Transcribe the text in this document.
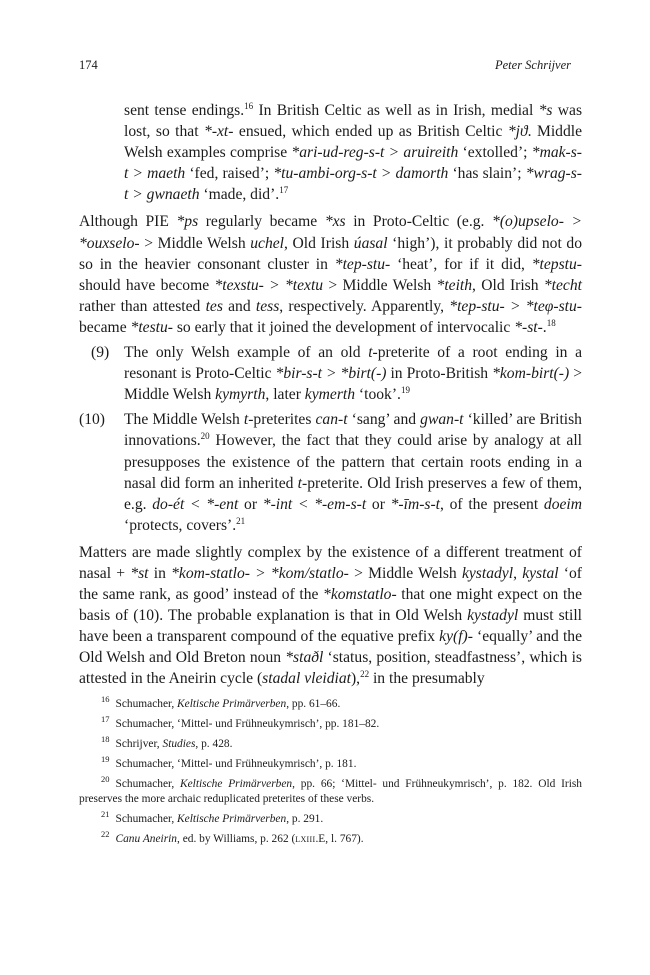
174	Peter Schrijver

sent tense endings.$^{16}$ In British Celtic as well as in Irish, medial *s was lost, so that *-xt- ensued, which ended up as British Celtic *jϑ. Middle Welsh examples comprise *ari-ud-reg-s-t > aruireith ‘extolled’; *mak-s-t > maeth ‘fed, raised’; *tu-ambi-org-s-t > damorth ‘has slain’; *wrag-s-t > gwnaeth ‘made, did’.$^{17}$

Although PIE *ps regularly became *xs in Proto-Celtic (e.g. *(o)upselo- > *ouxselo- > Middle Welsh uchel, Old Irish úasal ‘high’), it probably did not do so in the heavier consonant cluster in *tep-stu- ‘heat’, for if it did, *tepstu- should have become *texstu- > *textu > Middle Welsh *teith, Old Irish *techt rather than attested tes and tess, respectively. Apparently, *tep-stu- > *teφ-stu- became *testu- so early that it joined the development of intervocalic *-st-.$^{18}$

(9) The only Welsh example of an old t-preterite of a root ending in a resonant is Proto-Celtic *bir-s-t > *birt(-) in Proto-British *kom-birt(-) > Middle Welsh kymyrth, later kymerth ‘took’.$^{19}$

(10) The Middle Welsh t-preterites can-t ‘sang’ and gwan-t ‘killed’ are British innovations.$^{20}$ However, the fact that they could arise by analogy at all presupposes the existence of the pattern that certain roots ending in a nasal did form an inherited t-preterite. Old Irish preserves a few of them, e.g. do-ét < *-ent or *-int < *-em-s-t or *-īm-s-t, of the present doeim ‘protects, covers’.$^{21}$

Matters are made slightly complex by the existence of a different treatment of nasal + *st in *kom-statlo- > *kom/statlo- > Middle Welsh kystadyl, kystal ‘of the same rank, as good’ instead of the *komstatlo- that one might expect on the basis of (10). The probable explanation is that in Old Welsh kystadyl must still have been a transparent compound of the equative prefix ky(f)- ‘equally’ and the Old Welsh and Old Breton noun *staðl ‘status, position, steadfastness’, which is attested in the Aneirin cycle (stadal vleidiat),$^{22}$ in the presumably

$^{16}$ Schumacher, Keltische Primärverben, pp. 61–66.

$^{17}$ Schumacher, ‘Mittel- und Frühneukymrisch’, pp. 181–82.

$^{18}$ Schrijver, Studies, p. 428.

$^{19}$ Schumacher, ‘Mittel- und Frühneukymrisch’, p. 181.

$^{20}$ Schumacher, Keltische Primärverben, pp. 66; ‘Mittel- und Frühneukymrisch’, p. 182. Old Irish preserves the more archaic reduplicated preterites of these verbs.

$^{21}$ Schumacher, Keltische Primärverben, p. 291.

$^{22}$ Canu Aneirin, ed. by Williams, p. 262 (lxiii.E, l. 767).
